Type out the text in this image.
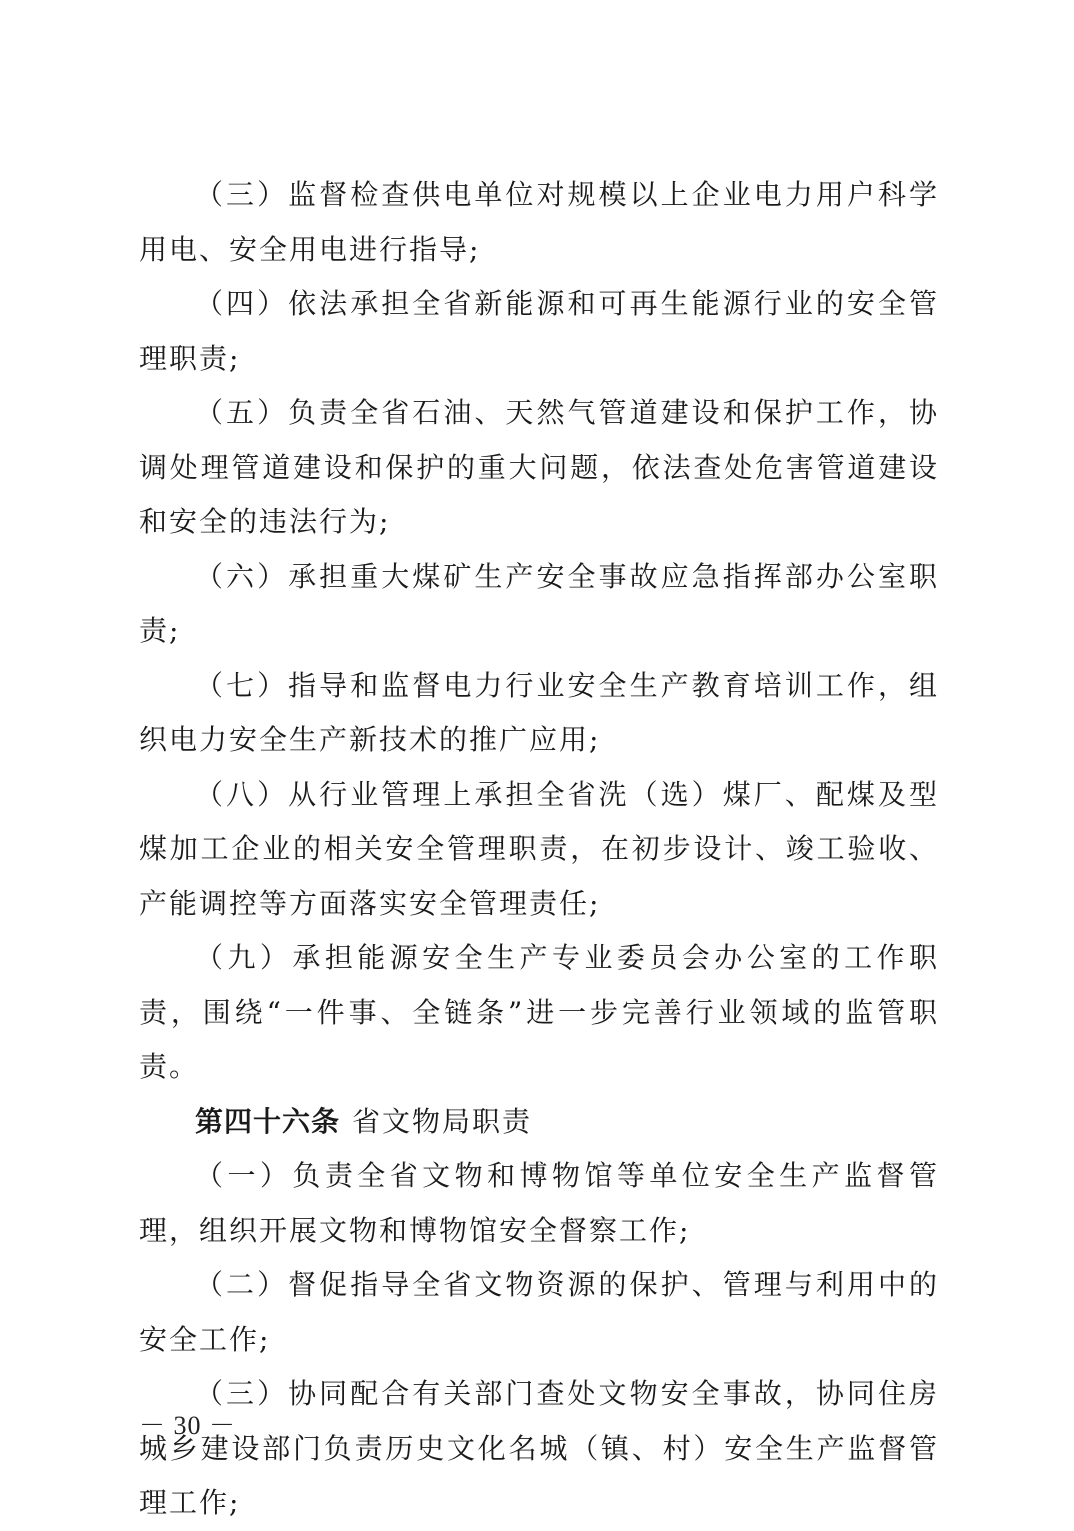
（三）监督检查供电单位对规模以上企业电力用户科学用电、安全用电进行指导;

（四）依法承担全省新能源和可再生能源行业的安全管理职责;

（五）负责全省石油、天然气管道建设和保护工作，协调处理管道建设和保护的重大问题，依法查处危害管道建设和安全的违法行为;

（六）承担重大煤矿生产安全事故应急指挥部办公室职责;

（七）指导和监督电力行业安全生产教育培训工作，组织电力安全生产新技术的推广应用;

（八）从行业管理上承担全省洗（选）煤厂、配煤及型煤加工企业的相关安全管理职责，在初步设计、竣工验收、产能调控等方面落实安全管理责任;

（九）承担能源安全生产专业委员会办公室的工作职责，围绕“一件事、全链条”进一步完善行业领域的监管职责。

第四十六条 省文物局职责

（一）负责全省文物和博物馆等单位安全生产监督管理，组织开展文物和博物馆安全督察工作;

（二）督促指导全省文物资源的保护、管理与利用中的安全工作;

（三）协同配合有关部门查处文物安全事故，协同住房城乡建设部门负责历史文化名城（镇、村）安全生产监督管理工作;

－ 30 －
